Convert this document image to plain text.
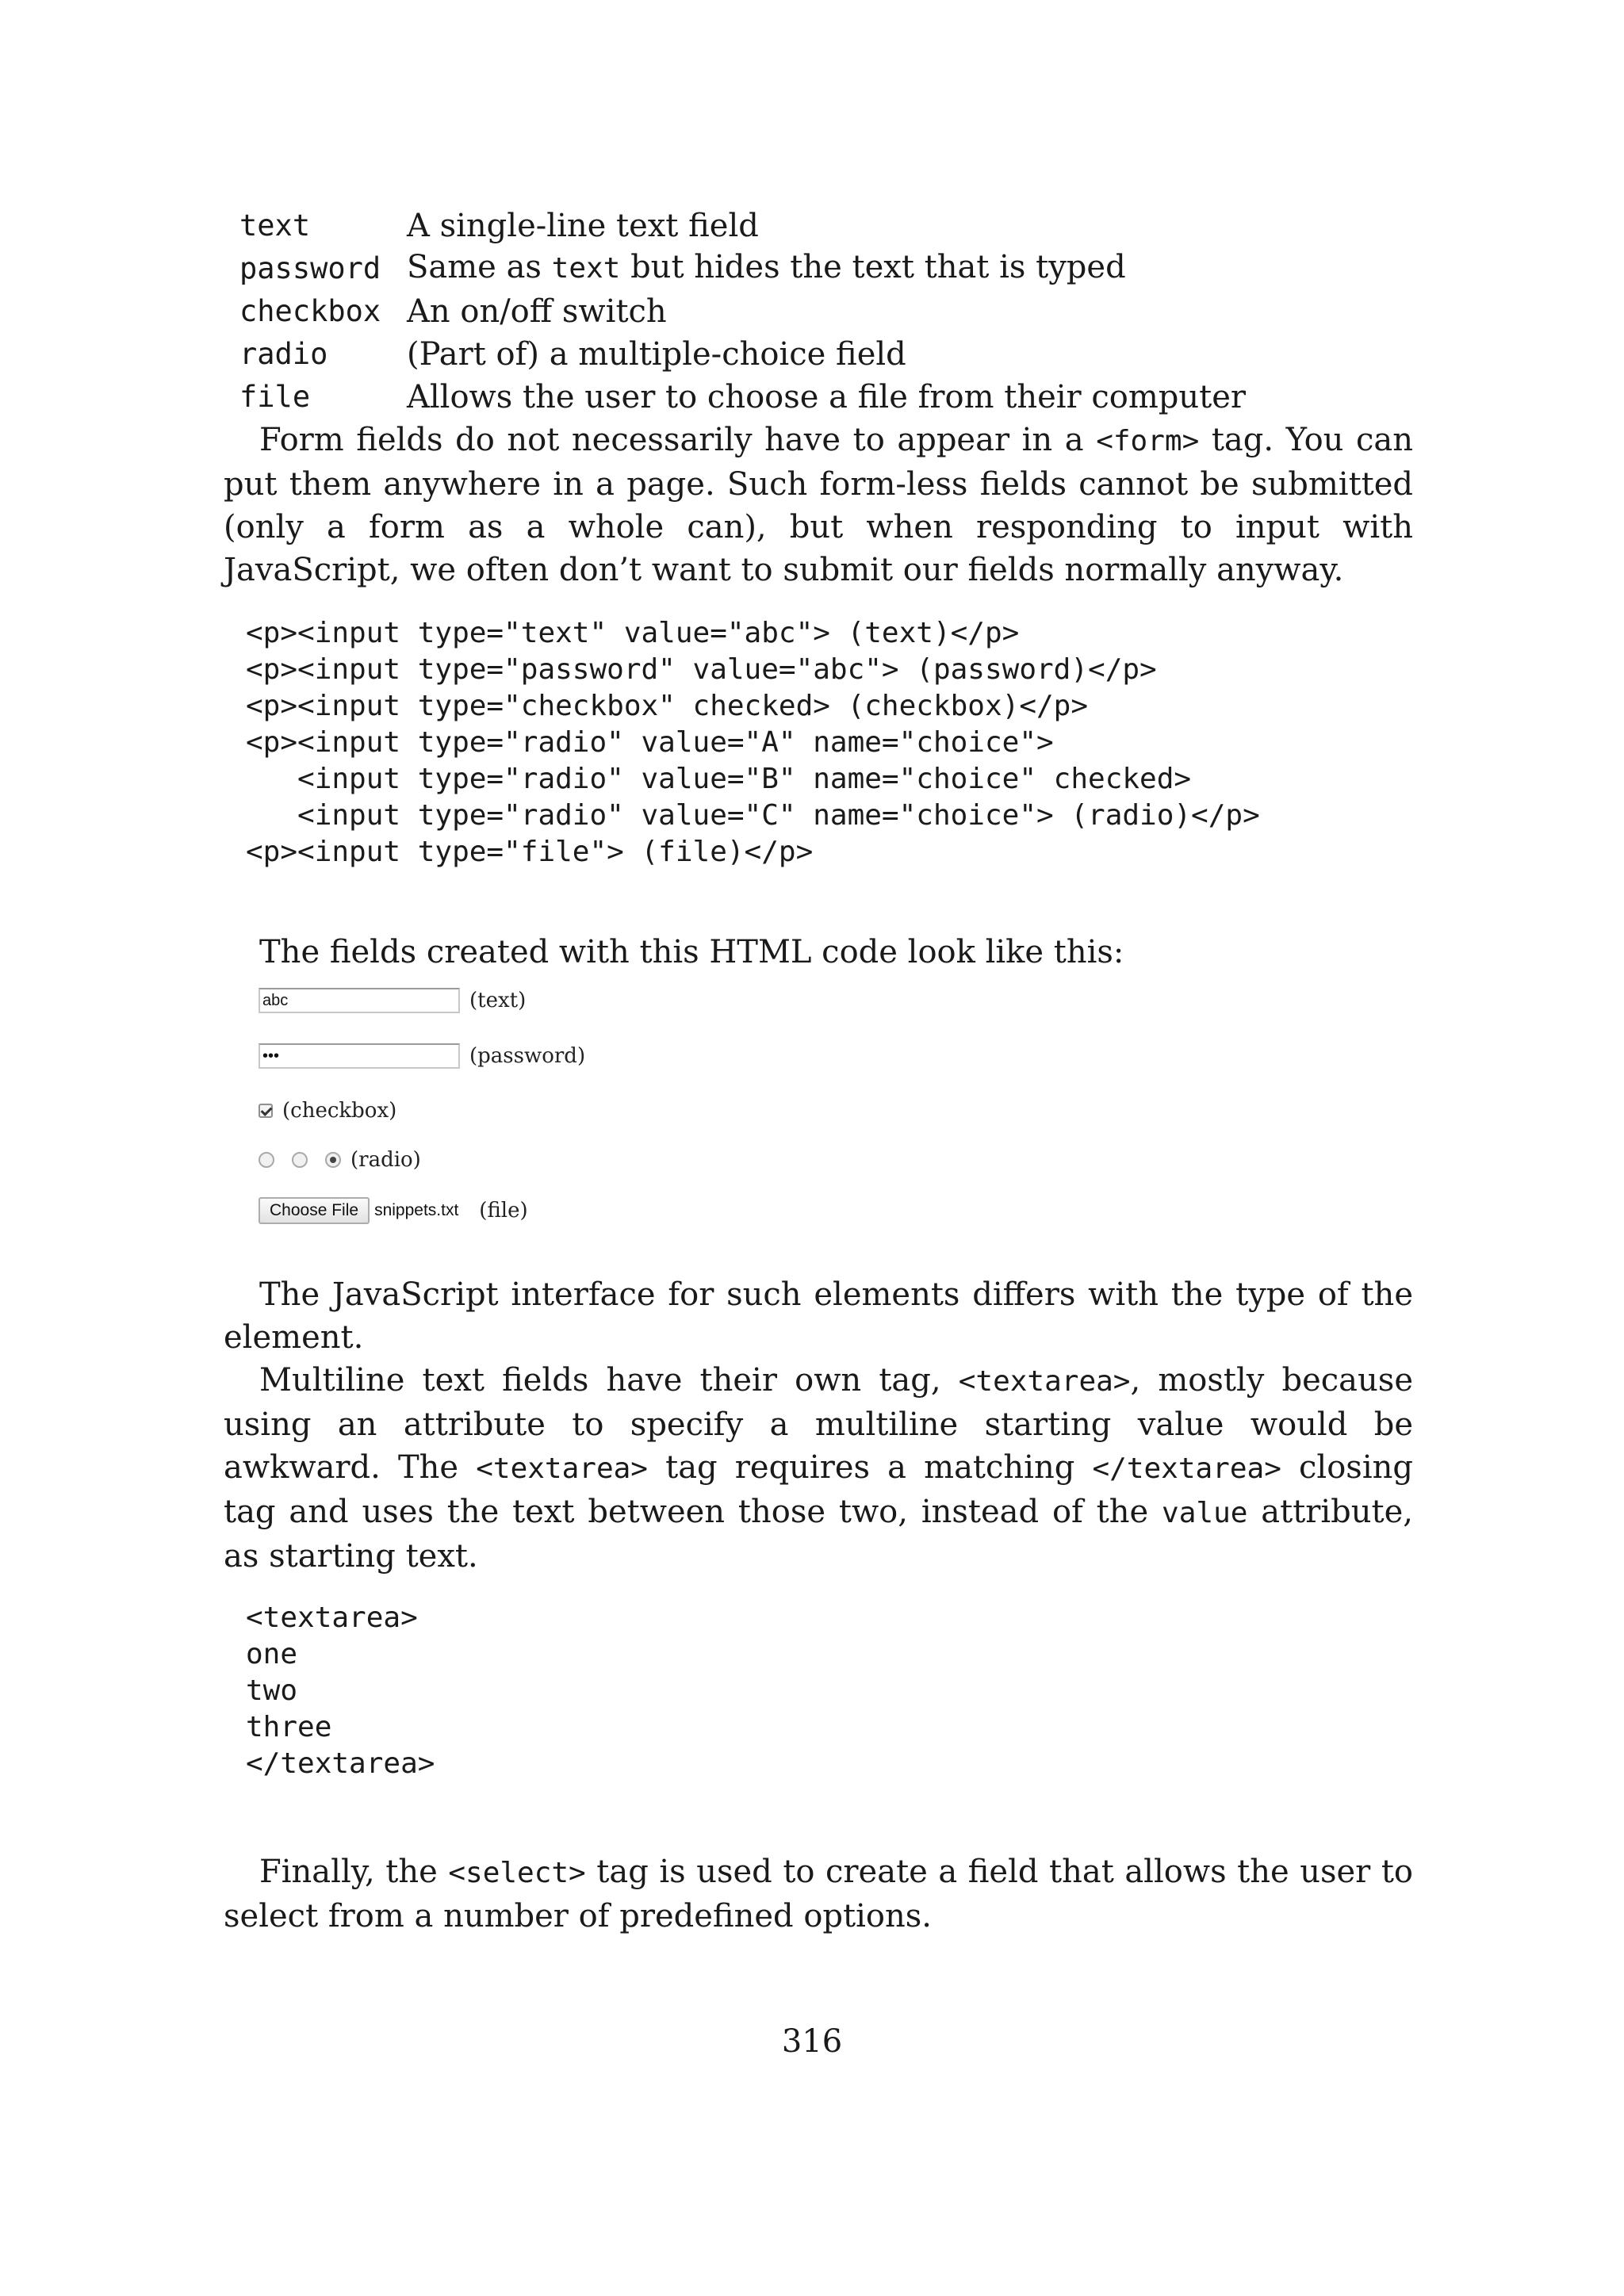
text	A single-line text field
password Same as text but hides the text that is typed
checkbox An on/off switch
radio	(Part of) a multiple-choice field
file	Allows the user to choose a file from their computer

Form fields do not necessarily have to appear in a <form> tag. You can put them anywhere in a page. Such form-less fields cannot be submitted (only a form as a whole can), but when responding to input with JavaScript, we often don’t want to submit our fields normally anyway.

<p><input type="text" value="abc"> (text)</p>
<p><input type="password" value="abc"> (password)</p>
<p><input type="checkbox" checked> (checkbox)</p>
<p><input type="radio" value="A" name="choice">
<input type="radio" value="B" name="choice" checked>
<input type="radio" value="C" name="choice"> (radio)</p>
<p><input type="file"> (file)</p>

The fields created with this HTML code look like this:

abc	(text)
•••	(password)
(checkbox)
(radio)
Choose File snippets.txt (file)

The JavaScript interface for such elements differs with the type of the element.

Multiline text fields have their own tag, <textarea>, mostly because using an attribute to specify a multiline starting value would be awkward. The <textarea> tag requires a matching </textarea> closing tag and uses the text between those two, instead of the value attribute, as starting text.

<textarea>
one
two
three
</textarea>

Finally, the <select> tag is used to create a field that allows the user to select from a number of predefined options.

316
